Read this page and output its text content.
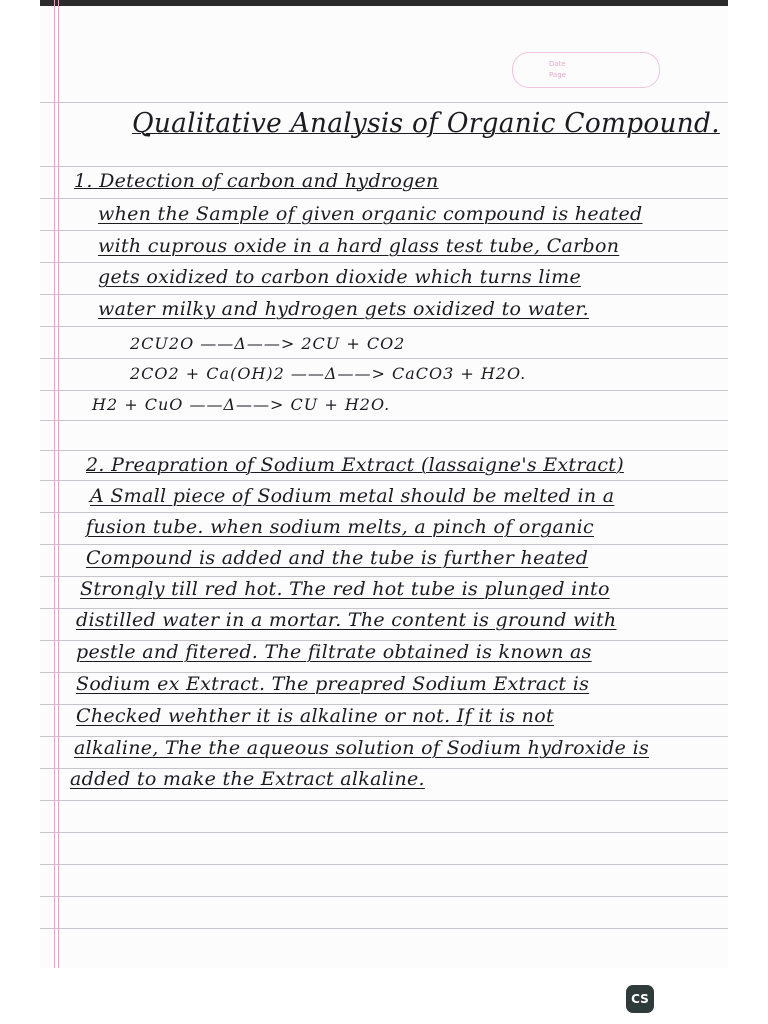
Date
Page
Qualitative Analysis of Organic Compound.
1. Detection of carbon and hydrogen
when the Sample of given organic compound is heated
with cuprous oxide in a hard glass test tube, Carbon
gets oxidized to carbon dioxide which turns lime
water milky and hydrogen gets oxidized to water.
2CU2O ——Δ——> 2CU + CO2
2CO2 + Ca(OH)2 ——Δ——> CaCO3 + H2O.
H2 + CuO ——Δ——> CU + H2O.
2. Preapration of Sodium Extract (lassaigne's Extract)
A Small piece of Sodium metal should be melted in a
fusion tube. when sodium melts, a pinch of organic
Compound is added and the tube is further heated
Strongly till red hot. The red hot tube is plunged into
distilled water in a mortar. The content is ground with
pestle and fitered. The filtrate obtained is known as
Sodium ex Extract. The preapred Sodium Extract is
Checked wehther it is alkaline or not. If it is not
alkaline, The the aqueous solution of Sodium hydroxide is
added to make the Extract alkaline.
CS
